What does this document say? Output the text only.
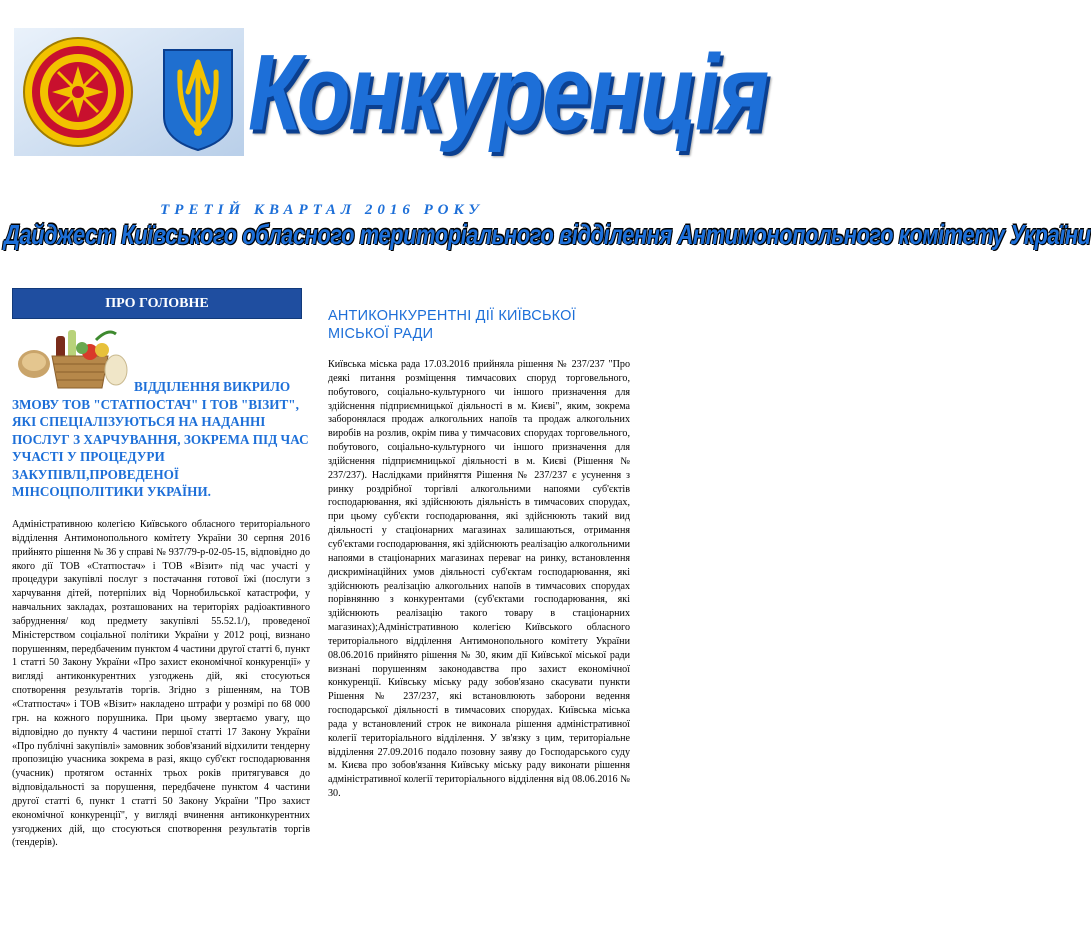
Конкуренція
ТРЕТІЙ КВАРТАЛ 2016 РОКУ
Дайджест Київського обласного територіального відділення Антимонопольного комітету України
ПРО ГОЛОВНЕ
ВІДДІЛЕННЯ ВИКРИЛО ЗМОВУ ТОВ "СТАТПОСТАЧ" І ТОВ "ВІЗИТ", ЯКІ СПЕЦІАЛІЗУЮТЬСЯ НА НАДАННІ ПОСЛУГ З ХАРЧУВАННЯ, ЗОКРЕМА ПІД ЧАС УЧАСТІ У ПРОЦЕДУРИ ЗАКУПІВЛІ,ПРОВЕДЕНОЇ МІНСОЦПОЛІТИКИ УКРАЇНИ.

Адміністративною колегією Київського обласного територіального відділення Антимонопольного комітету України 30 серпня 2016 прийнято рішення № 36 у справі № 937/79-р-02-05-15, відповідно до якого дії ТОВ «Статпостач» і ТОВ «Візит» під час участі у процедури закупівлі послуг з постачання готової їжі (послуги з харчування дітей, потерпілих від Чорнобильської катастрофи, у навчальних закладах, розташованих на територіях радіоактивного забруднення/ код предмету закупівлі 55.52.1/), проведеної Міністерством соціальної політики України у 2012 році, визнано порушенням, передбаченим пунктом 4 частини другої статті 6, пункт 1 статті 50 Закону України «Про захист економічної конкуренції» у вигляді антиконкурентних узгоджень дій, які стосуються спотворення результатів торгів. Згідно з рішенням, на ТОВ «Статпостач» і ТОВ «Візит» накладено штрафи у розмірі по 68 000 грн. на кожного порушника. При цьому звертаємо увагу, що відповідно до пункту 4 частини першої статті 17 Закону України «Про публічні закупівлі» замовник зобов'язаний відхилити тендерну пропозицію учасника зокрема в разі, якщо суб'єкт господарювання (учасник) протягом останніх трьох років притягувався до відповідальності за порушення, передбачене пунктом 4 частини другої статті 6, пункт 1 статті 50 Закону України "Про захист економічної конкуренції", у вигляді вчинення антиконкурентних узгоджених дій, що стосуються спотворення результатів торгів (тендерів).

АНТИКОНКУРЕНТНІ ДІЇ КИЇВСЬКОЇ МІСЬКОЇ РАДИ

Київська міська рада 17.03.2016 прийняла рішення № 237/237 "Про деякі питання розміщення тимчасових споруд торговельного, побутового, соціально-культурного чи іншого призначення для здійснення підприємницької діяльності в м. Києві", яким, зокрема заборонялася продаж алкогольних напоїв та продаж алкогольних виробів на розлив, окрім пива у тимчасових спорудах торговельного, побутового, соціально-культурного чи іншого призначення для здійснення підприємницької діяльності в м. Києві (Рішення № 237/237). Наслідками прийняття Рішення № 237/237 є усунення з ринку роздрібної торгівлі алкогольними напоями суб'єктів господарювання, які здійснюють діяльність в тимчасових спорудах, при цьому суб'єкти господарювання, які здійснюють такий вид діяльності у стаціонарних магазинах залишаються, отримання суб'єктами господарювання, які здійснюють реалізацію алкогольними напоями в стаціонарних магазинах переваг на ринку, встановлення дискримінаційних умов діяльності суб'єктам господарювання, які здійснюють реалізацію алкогольних напоїв в тимчасових спорудах порівнянню з конкурентами (суб'єктами господарювання, які здійснюють реалізацію такого товару в стаціонарних магазинах);Адміністративною колегією Київського обласного територіального відділення Антимонопольного комітету України 08.06.2016 прийнято рішення № 30, яким дії Київської міської ради визнані порушенням законодавства про захист економічної конкуренції. Київську міську раду зобов'язано скасувати пункти Рішення № 237/237, які встановлюють заборони ведення господарської діяльності в тимчасових спорудах. Київська міська рада у встановлений строк не виконала рішення адміністративної колегії територіального відділення. У зв'язку з цим, територіальне відділення 27.09.2016 подало позовну заяву до Господарського суду м. Києва про зобов'язання Київську міську раду виконати рішення адміністративної колегії територіального відділення від 08.06.2016 № 30.
